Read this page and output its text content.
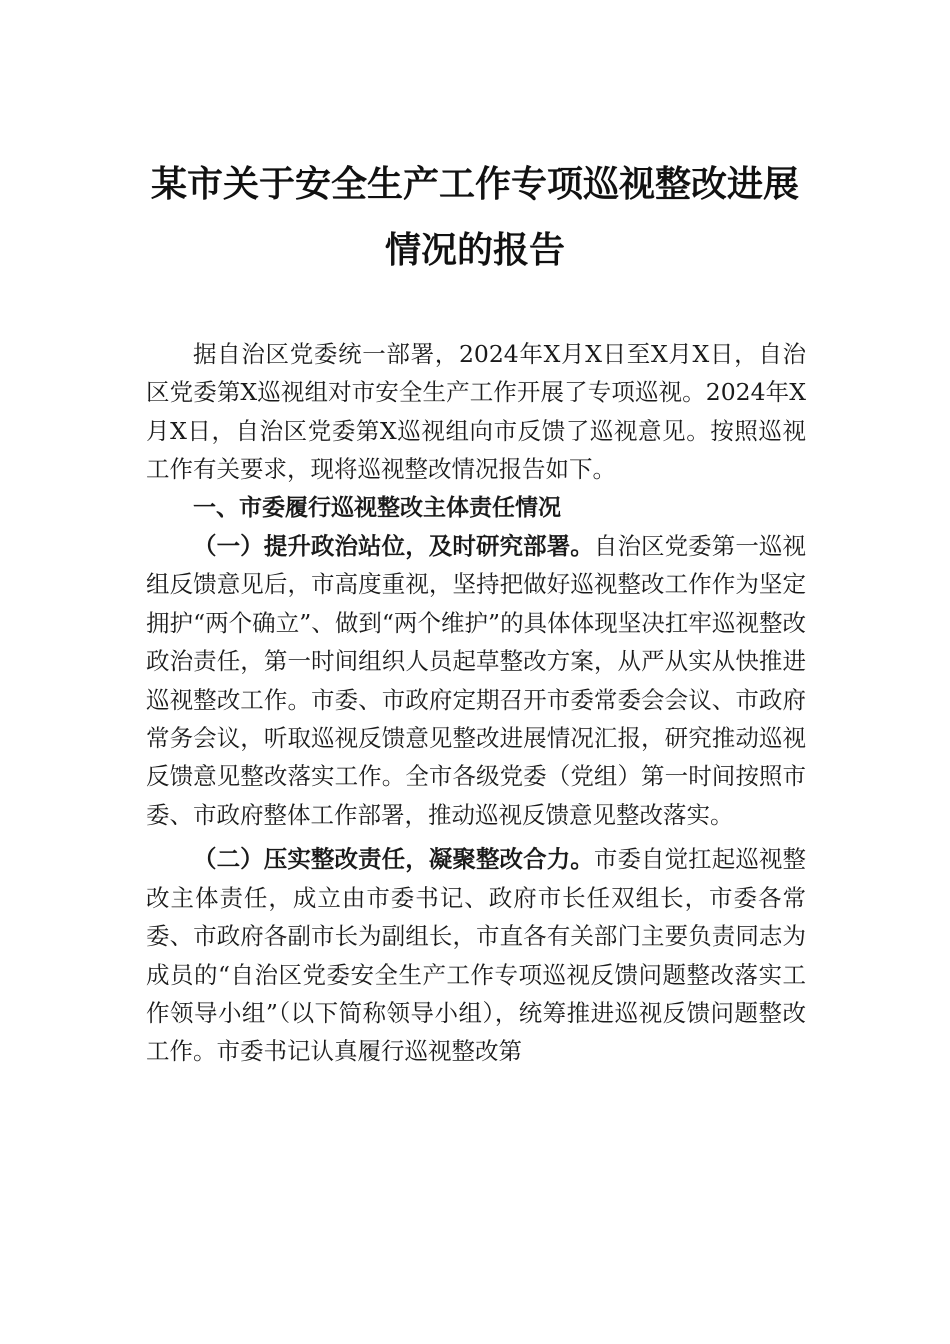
某市关于安全生产工作专项巡视整改进展
情况的报告

据自治区党委统一部署，2024年X月X日至X月X日，自治区党委第X巡视组对市安全生产工作开展了专项巡视。2024年X月X日，自治区党委第X巡视组向市反馈了巡视意见。按照巡视工作有关要求，现将巡视整改情况报告如下。

一、市委履行巡视整改主体责任情况

（一）提升政治站位，及时研究部署。自治区党委第一巡视组反馈意见后，市高度重视，坚持把做好巡视整改工作作为坚定拥护“两个确立”、做到“两个维护”的具体体现坚决扛牢巡视整改政治责任，第一时间组织人员起草整改方案，从严从实从快推进巡视整改工作。市委、市政府定期召开市委常委会会议、市政府常务会议，听取巡视反馈意见整改进展情况汇报，研究推动巡视反馈意见整改落实工作。全市各级党委（党组）第一时间按照市委、市政府整体工作部署，推动巡视反馈意见整改落实。

（二）压实整改责任，凝聚整改合力。市委自觉扛起巡视整改主体责任，成立由市委书记、政府市长任双组长，市委各常委、市政府各副市长为副组长，市直各有关部门主要负责同志为成员的“自治区党委安全生产工作专项巡视反馈问题整改落实工作领导小组”（以下简称领导小组），统筹推进巡视反馈问题整改工作。市委书记认真履行巡视整改第
